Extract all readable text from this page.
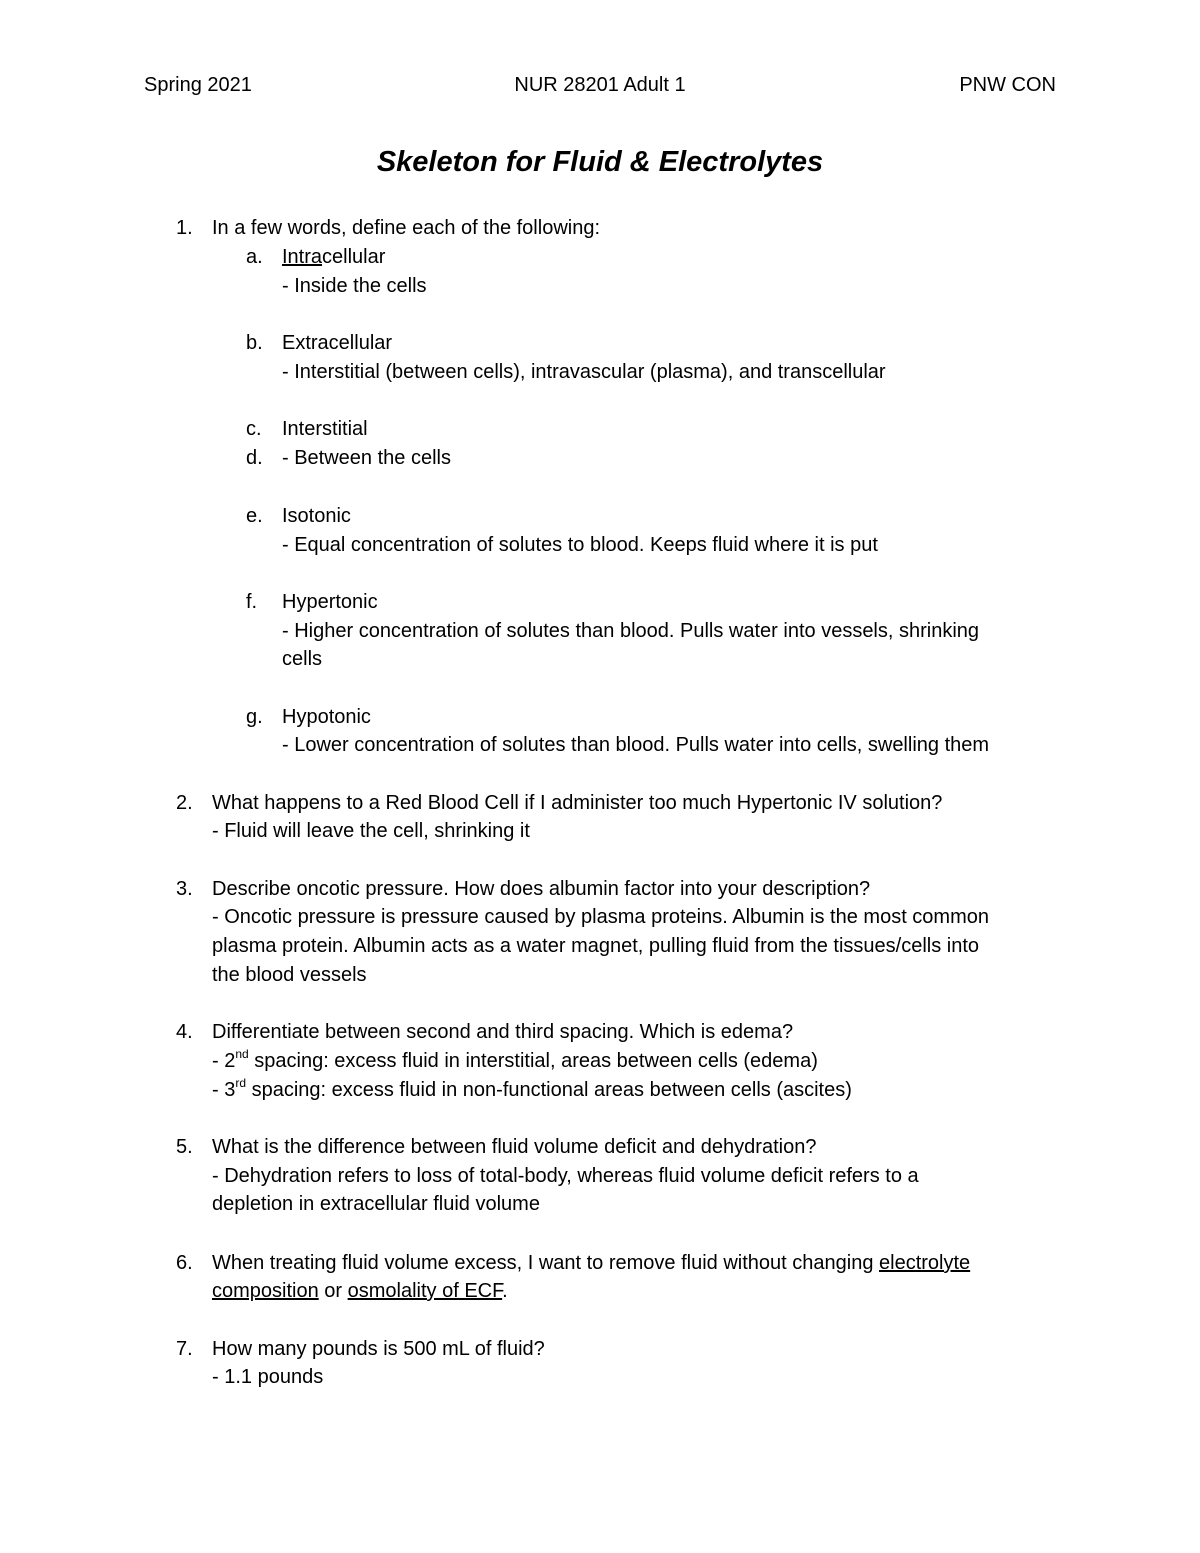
Spring 2021	NUR 28201 Adult 1	PNW CON
Skeleton for Fluid & Electrolytes
1. In a few words, define each of the following:
a. Intracellular
- Inside the cells
b. Extracellular
- Interstitial (between cells), intravascular (plasma), and transcellular
c. Interstitial
d. - Between the cells
e. Isotonic
- Equal concentration of solutes to blood. Keeps fluid where it is put
f. Hypertonic
- Higher concentration of solutes than blood. Pulls water into vessels, shrinking
cells
g. Hypotonic
- Lower concentration of solutes than blood. Pulls water into cells, swelling them
2. What happens to a Red Blood Cell if I administer too much Hypertonic IV solution?
- Fluid will leave the cell, shrinking it
3. Describe oncotic pressure. How does albumin factor into your description?
- Oncotic pressure is pressure caused by plasma proteins. Albumin is the most common
plasma protein. Albumin acts as a water magnet, pulling fluid from the tissues/cells into
the blood vessels
4. Differentiate between second and third spacing. Which is edema?
- 2nd spacing: excess fluid in interstitial, areas between cells (edema)
- 3rd spacing: excess fluid in non-functional areas between cells (ascites)
5. What is the difference between fluid volume deficit and dehydration?
- Dehydration refers to loss of total-body, whereas fluid volume deficit refers to a
depletion in extracellular fluid volume
6. When treating fluid volume excess, I want to remove fluid without changing electrolyte
composition or osmolality of ECF.
7. How many pounds is 500 mL of fluid?
- 1.1 pounds
